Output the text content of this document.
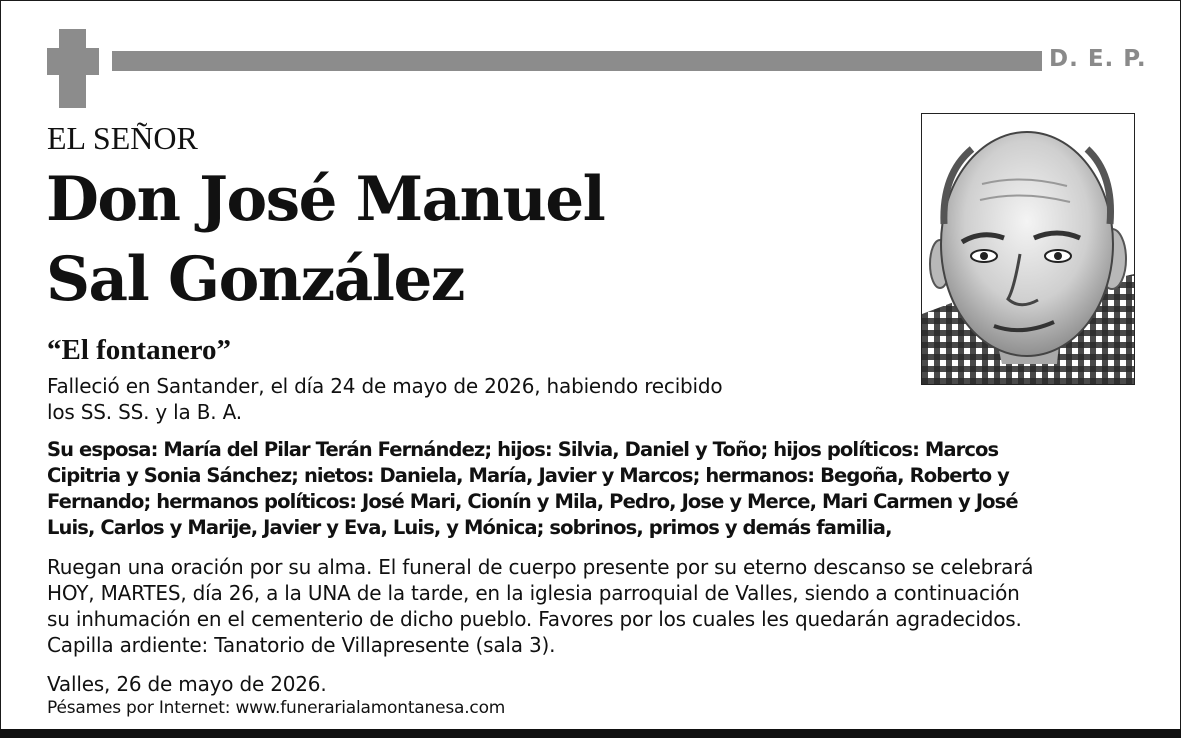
D. E. P.
EL SEÑOR
Don José Manuel
Sal González
“El fontanero”
Falleció en Santander, el día 24 de mayo de 2026, habiendo recibido
los SS. SS. y la B. A.
Su esposa: María del Pilar Terán Fernández; hijos: Silvia, Daniel y Toño; hijos políticos: Marcos
Cipitria y Sonia Sánchez; nietos: Daniela, María, Javier y Marcos; hermanos: Begoña, Roberto y
Fernando; hermanos políticos: José Mari, Cionín y Mila, Pedro, Jose y Merce, Mari Carmen y José
Luis, Carlos y Marije, Javier y Eva, Luis, y Mónica; sobrinos, primos y demás familia,
Ruegan una oración por su alma. El funeral de cuerpo presente por su eterno descanso se celebrará
HOY, MARTES, día 26, a la UNA de la tarde, en la iglesia parroquial de Valles, siendo a continuación
su inhumación en el cementerio de dicho pueblo. Favores por los cuales les quedarán agradecidos.
Capilla ardiente: Tanatorio de Villapresente (sala 3).
Valles, 26 de mayo de 2026.
Pésames por Internet: www.funerarialamontanesa.com
